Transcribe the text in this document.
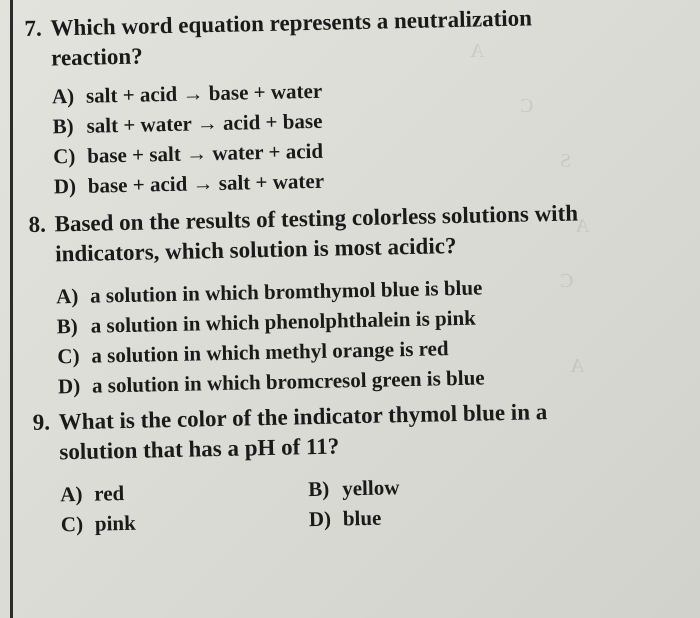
A
C
S
A
C
A
7. Which word equation represents a neutralization
reaction?
A) salt + acid → base + water
B) salt + water → acid + base
C) base + salt → water + acid
D) base + acid → salt + water
8. Based on the results of testing colorless solutions with
indicators, which solution is most acidic?
A) a solution in which bromthymol blue is blue
B) a solution in which phenolphthalein is pink
C) a solution in which methyl orange is red
D) a solution in which bromcresol green is blue
9. What is the color of the indicator thymol blue in a
solution that has a pH of 11?
A) red	B) yellow
C) pink	D) blue
